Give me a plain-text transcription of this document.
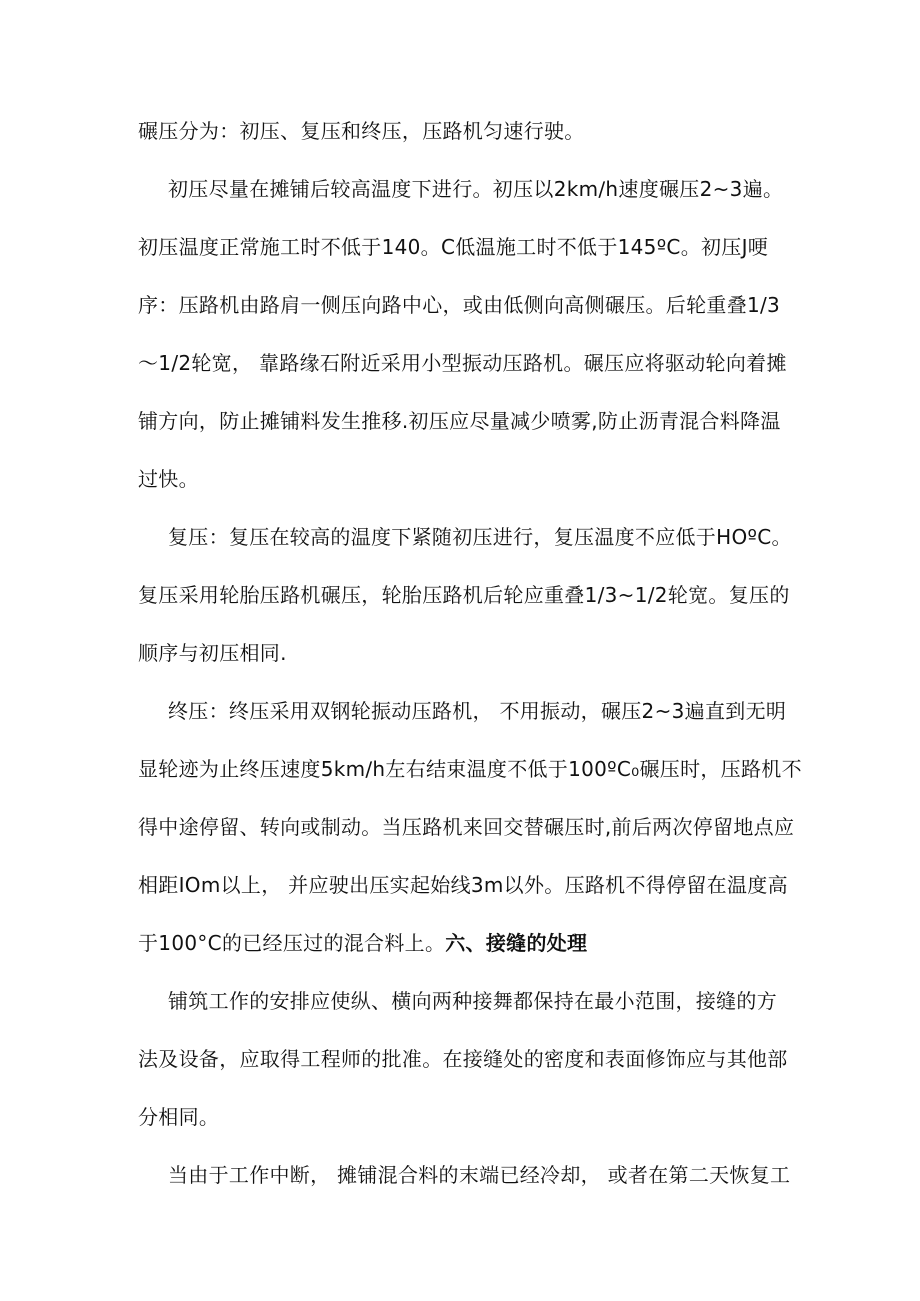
碾压分为：初压、复压和终压，压路机匀速行驶。
初压尽量在摊铺后较高温度下进行。初压以2km∕h速度碾压2~3遍。
初压温度正常施工时不低于140。C低温施工时不低于145ºC。初压J哽
序：压路机由路肩一侧压向路中心，或由低侧向高侧碾压。后轮重叠1/3
～1/2轮宽， 靠路缘石附近采用小型振动压路机。碾压应将驱动轮向着摊
铺方向，防止摊铺料发生推移.初压应尽量减少喷雾,防止沥青混合料降温
过快。
复压：复压在较高的温度下紧随初压进行，复压温度不应低于HOºC。
复压采用轮胎压路机碾压，轮胎压路机后轮应重叠1/3~1/2轮宽。复压的
顺序与初压相同.
终压：终压采用双钢轮振动压路机， 不用振动，碾压2~3遍直到无明
显轮迹为止终压速度5km∕h左右结束温度不低于100ºC₀碾压时，压路机不
得中途停留、转向或制动。当压路机来回交替碾压时,前后两次停留地点应
相距IOm以上， 并应驶出压实起始线3m以外。压路机不得停留在温度高
于100°C的已经压过的混合料上。六、接缝的处理
铺筑工作的安排应使纵、横向两种接舞都保持在最小范围，接缝的方
法及设备，应取得工程师的批准。在接缝处的密度和表面修饰应与其他部
分相同。
当由于工作中断， 摊铺混合料的末端已经冷却， 或者在第二天恢复工
